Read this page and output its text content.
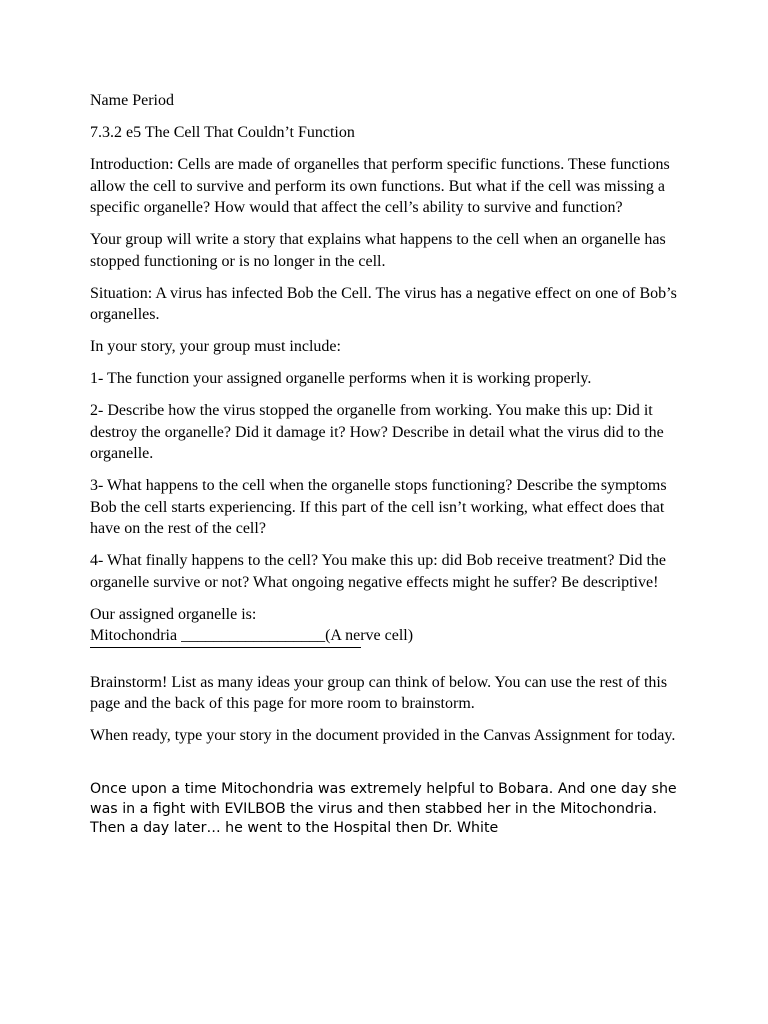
Name Period

7.3.2 e5 The Cell That Couldn’t Function

Introduction: Cells are made of organelles that perform specific functions. These functions allow the cell to survive and perform its own functions. But what if the cell was missing a specific organelle? How would that affect the cell’s ability to survive and function?

Your group will write a story that explains what happens to the cell when an organelle has stopped functioning or is no longer in the cell.

Situation: A virus has infected Bob the Cell. The virus has a negative effect on one of Bob’s organelles.

In your story, your group must include:

1- The function your assigned organelle performs when it is working properly.

2- Describe how the virus stopped the organelle from working. You make this up: Did it destroy the organelle? Did it damage it? How? Describe in detail what the virus did to the organelle.

3- What happens to the cell when the organelle stops functioning? Describe the symptoms Bob the cell starts experiencing. If this part of the cell isn’t working, what effect does that have on the rest of the cell?

4- What finally happens to the cell? You make this up: did Bob receive treatment? Did the organelle survive or not? What ongoing negative effects might he suffer? Be descriptive!

Our assigned organelle is:

Mitochondria __________________(A nerve cell)

Brainstorm! List as many ideas your group can think of below. You can use the rest of this page and the back of this page for more room to brainstorm.

When ready, type your story in the document provided in the Canvas Assignment for today.

Once upon a time Mitochondria was extremely helpful to Bobara. And one day she was in a fight with EVILBOB the virus and then stabbed her in the Mitochondria. Then a day later… he went to the Hospital then Dr. White
